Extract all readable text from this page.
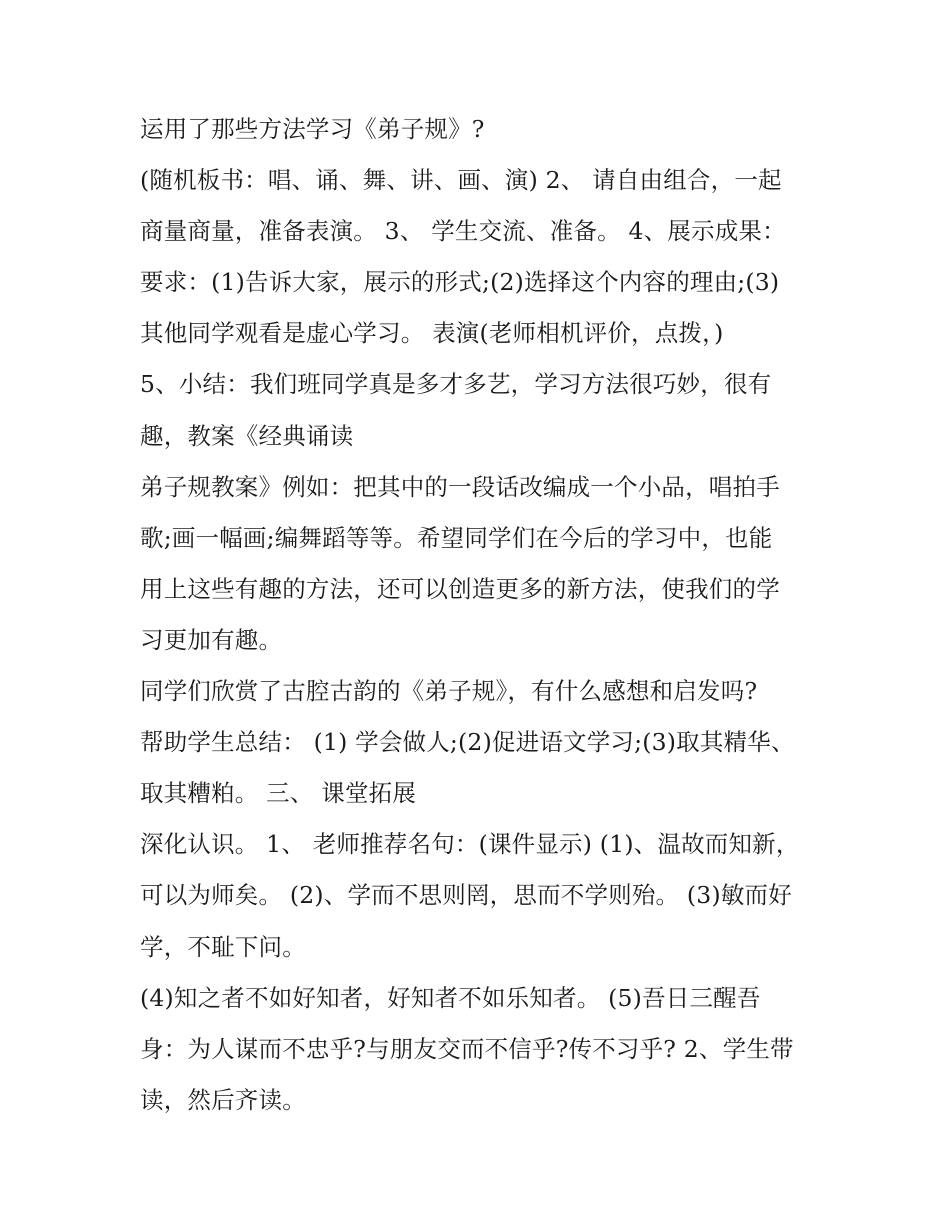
运用了那些方法学习《弟子规》?
(随机板书：唱、诵、舞、讲、画、演) 2、 请自由组合，一起
商量商量，准备表演。 3、 学生交流、准备。 4、展示成果：
要求：(1)告诉大家，展示的形式;(2)选择这个内容的理由;(3)
其他同学观看是虚心学习。 表演(老师相机评价，点拨，)
5、小结：我们班同学真是多才多艺，学习方法很巧妙，很有
趣，教案《经典诵读
弟子规教案》例如：把其中的一段话改编成一个小品，唱拍手
歌;画一幅画;编舞蹈等等。希望同学们在今后的学习中，也能
用上这些有趣的方法，还可以创造更多的新方法，使我们的学
习更加有趣。
同学们欣赏了古腔古韵的《弟子规》，有什么感想和启发吗?
帮助学生总结： (1) 学会做人;(2)促进语文学习;(3)取其精华、
取其糟粕。 三、 课堂拓展
深化认识。 1、 老师推荐名句：(课件显示) (1)、温故而知新，
可以为师矣。 (2)、学而不思则罔，思而不学则殆。 (3)敏而好
学，不耻下问。
(4)知之者不如好知者，好知者不如乐知者。 (5)吾日三醒吾
身：为人谋而不忠乎?与朋友交而不信乎?传不习乎? 2、学生带
读，然后齐读。
